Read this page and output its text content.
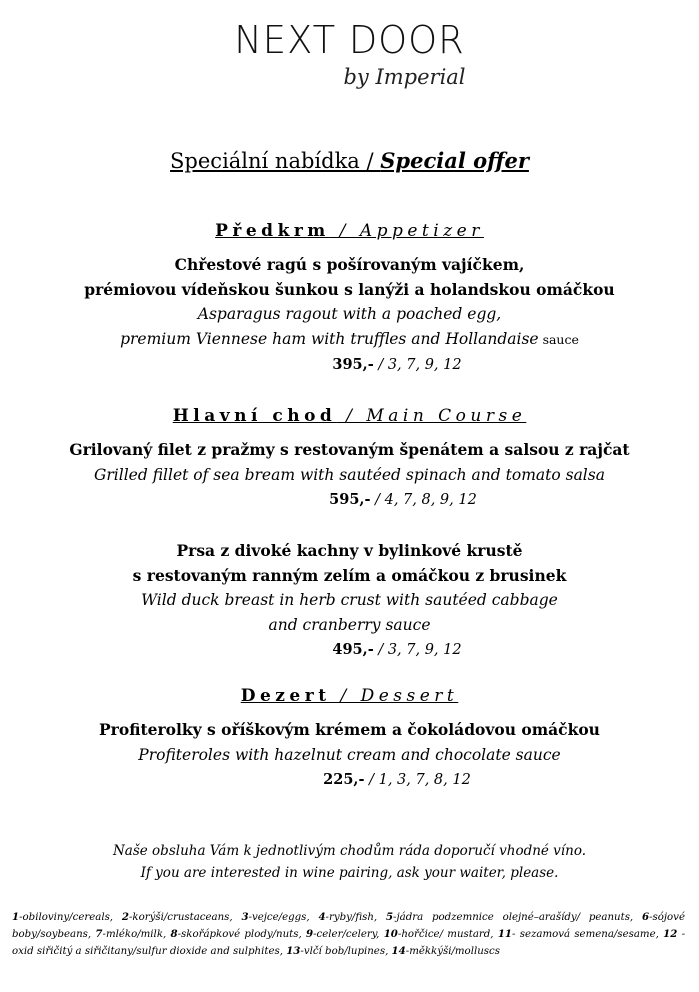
NEXT DOOR
by Imperial
Speciální nabídka / Special offer
Předkrm / Appetizer
Chřestové ragú s pošírovaným vajíčkem,
prémiovou vídeňskou šunkou s lanýži a holandskou omáčkou
Asparagus ragout with a poached egg,
premium Viennese ham with truffles and Hollandaise sauce
395,- / 3, 7, 9, 12
Hlavní chod / Main Course
Grilovaný filet z pražmy s restovaným špenátem a salsou z rajčat
Grilled fillet of sea bream with sautéed spinach and tomato salsa
595,- / 4, 7, 8, 9, 12
Prsa z divoké kachny v bylinkové krustě
s restovaným ranným zelím a omáčkou z brusinek
Wild duck breast in herb crust with sautéed cabbage
and cranberry sauce
495,- / 3, 7, 9, 12
Dezert / Dessert
Profiterolky s oříškovým krémem a čokoládovou omáčkou
Profiteroles with hazelnut cream and chocolate sauce
225,- / 1, 3, 7, 8, 12
Naše obsluha Vám k jednotlivým chodům ráda doporučí vhodné víno.
If you are interested in wine pairing, ask your waiter, please.
1-obiloviny/cereals, 2-korýši/crustaceans, 3-vejce/eggs, 4-ryby/fish, 5-jádra podzemnice olejné–arašídy/ peanuts, 6-sójové boby/soybeans, 7-mléko/milk, 8-skořápkové plody/nuts, 9-celer/celery, 10-hořčice/ mustard, 11- sezamová semena/sesame, 12 - oxid siřičitý a siřičitany/sulfur dioxide and sulphites, 13-vlčí bob/lupines, 14-měkkýši/molluscs
